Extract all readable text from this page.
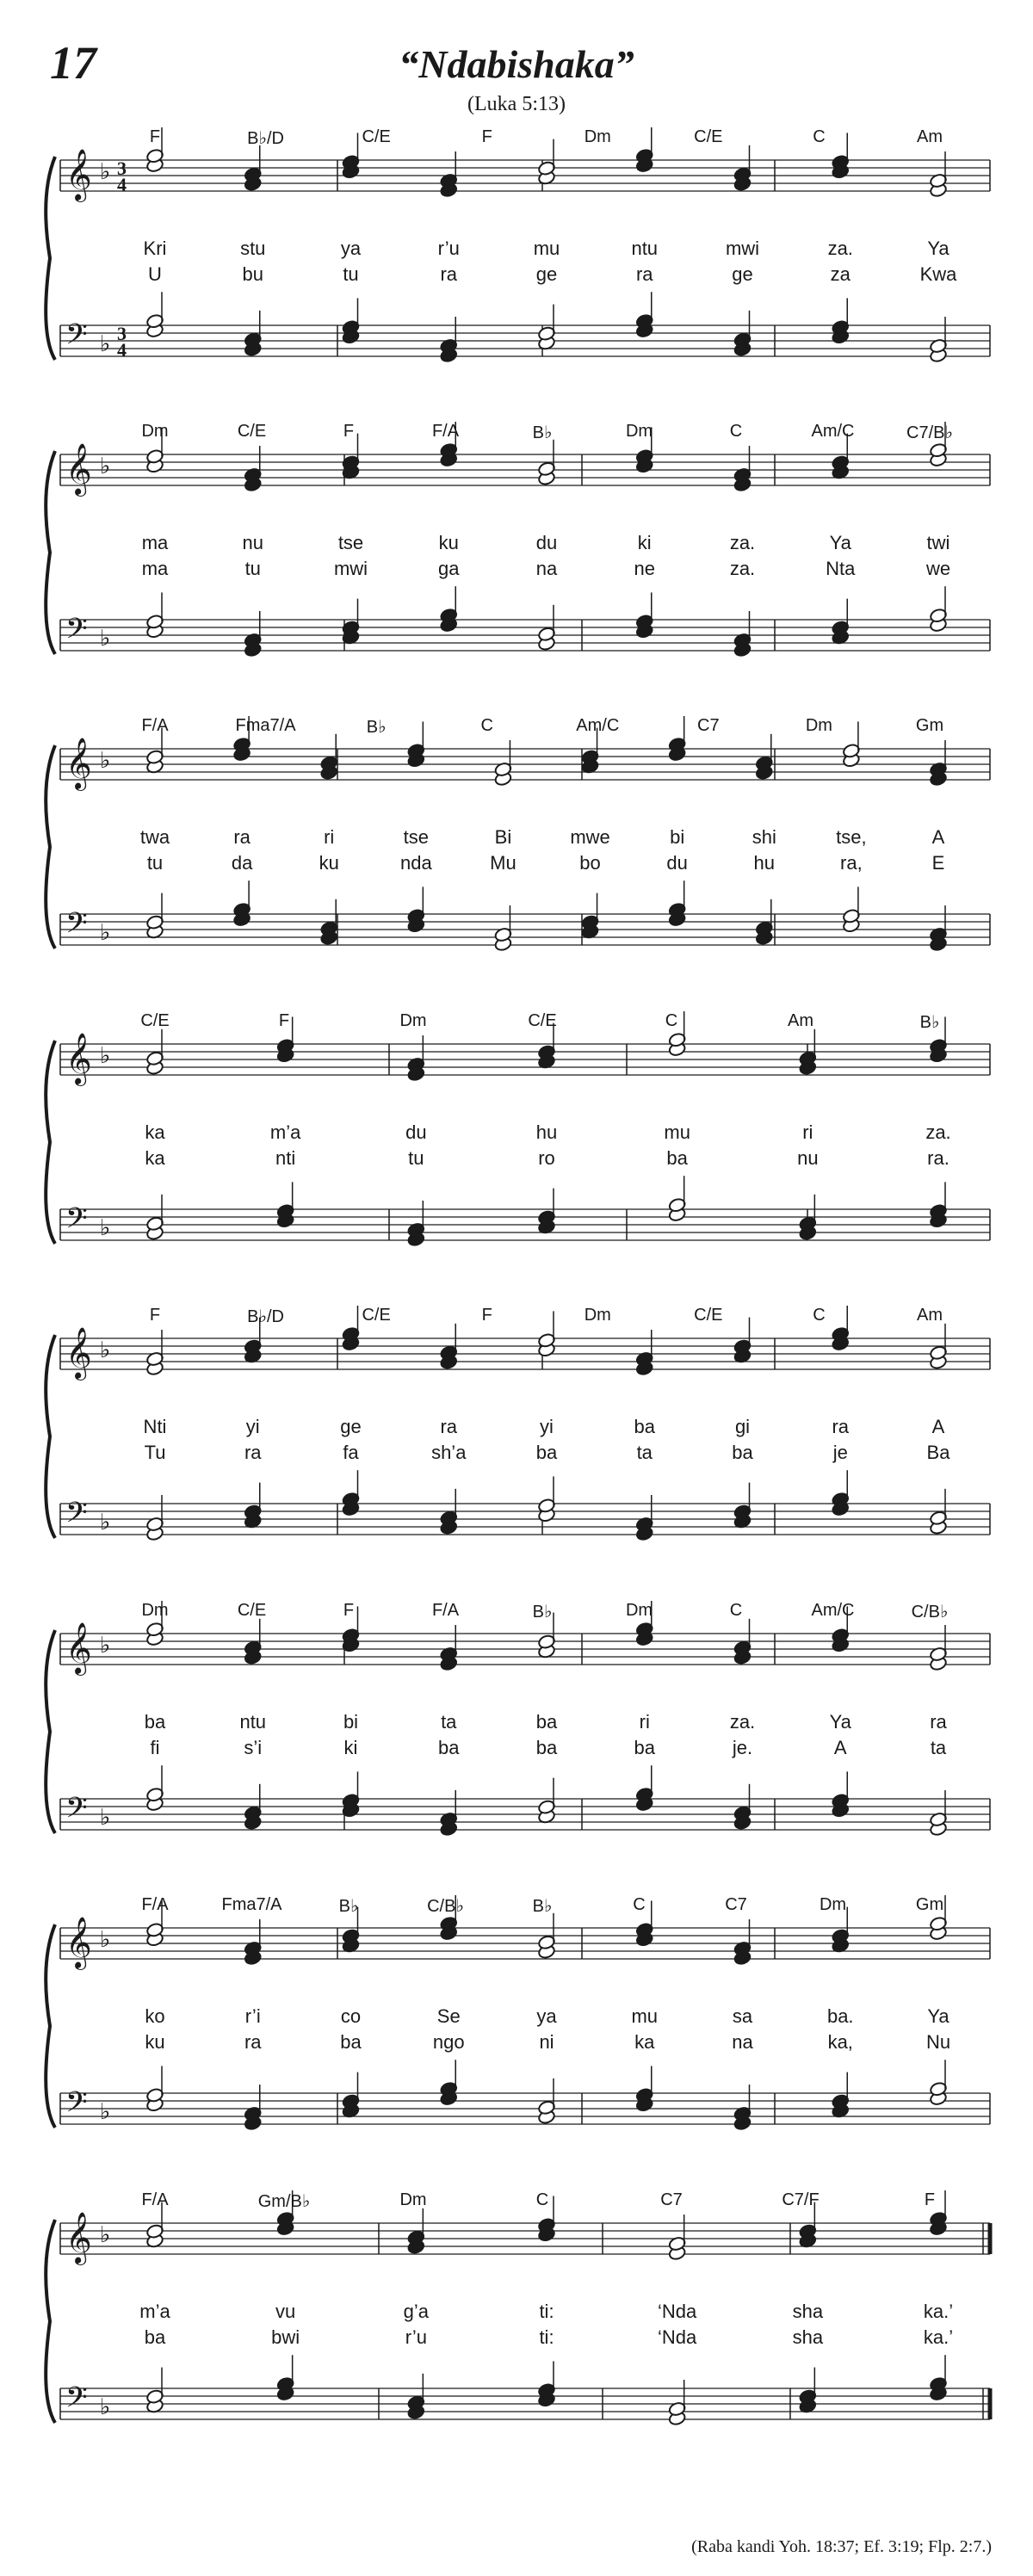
17	“Ndabishaka”
(Luka 5:13)
F	B♭/D	C/E	F	Dm	C/E	C	Am
𝄞 ♭ 3
4
𝄢 ♭ 3
4
Kri	stu	ya	r’u	mu	ntu	mwi	za.	Ya
U	bu	tu	ra	ge	ra	ge	za	Kwa
Dm	C/E	F	F/A	B♭	Dm	C	Am/C	C7/B♭
𝄞 ♭
𝄢 ♭
ma	nu	tse	ku	du	ki	za.	Ya	twi
ma	tu	mwi	ga	na	ne	za.	Nta	we
F/A	Fma7/A	B♭	C	Am/C	C7	Dm	Gm
𝄞 ♭
𝄢 ♭
twa	ra	ri	tse	Bi	mwe	bi	shi	tse,	A
tu	da	ku	nda	Mu	bo	du	hu	ra,	E
C/E	F	Dm	C/E	C	Am	B♭
𝄞 ♭
𝄢 ♭
ka	m’a	du	hu	mu	ri	za.
ka	nti	tu	ro	ba	nu	ra.
F	B♭/D	C/E	F	Dm	C/E	C	Am
𝄞 ♭
𝄢 ♭
Nti	yi	ge	ra	yi	ba	gi	ra	A
Tu	ra	fa	sh’a	ba	ta	ba	je	Ba
Dm	C/E	F	F/A	B♭	Dm	C	Am/C	C/B♭
𝄞 ♭
𝄢 ♭
ba	ntu	bi	ta	ba	ri	za.	Ya	ra
fi	s’i	ki	ba	ba	ba	je.	A	ta
F/A	Fma7/A	B♭	C/B♭	B♭	C	C7	Dm	Gm
𝄞 ♭
𝄢 ♭
ko	r’i	co	Se	ya	mu	sa	ba.	Ya
ku	ra	ba	ngo	ni	ka	na	ka,	Nu
F/A	Gm/B♭	Dm	C	C7	C7/F	F
𝄞 ♭
𝄢 ♭
m’a	vu	g’a	ti:	‘Nda	sha	ka.’
ba	bwi	r’u	ti:	‘Nda	sha	ka.’
(Raba kandi Yoh. 18:37; Ef. 3:19; Flp. 2:7.)
